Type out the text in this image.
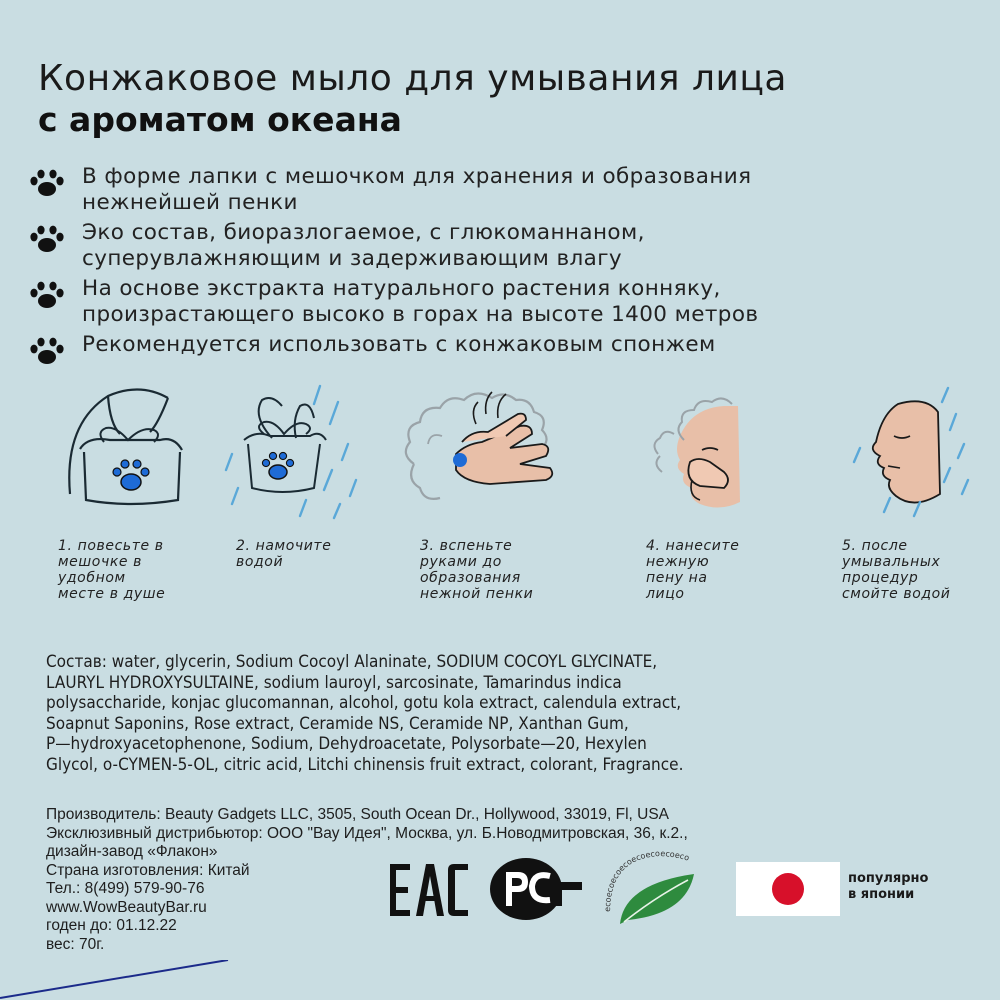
Конжаковое мыло для умывания лица
с ароматом океана
В форме лапки с мешочком для хранения и образования
нежнейшей пенки
Эко состав, биоразлогаемое, с глюкоманнаном,
суперувлажняющим и задерживающим влагу
На основе экстракта натурального растения конняку,
произрастающего высоко в горах на высоте 1400 метров
Рекомендуется использовать с конжаковым спонжем
1. повесьте в
мешочке в
удобном
месте в душе
2. намочите
водой
3. вспеньте
руками до
образования
нежной пенки
4. нанесите
нежную
пену на
лицо
5. после
умывальных
процедур
смойте водой
Состав: water, glycerin, Sodium Cocoyl Alaninate, SODIUM COCOYL GLYCINATE,
LAURYL HYDROXYSULTAINE, sodium lauroyl, sarcosinate, Tamarindus indica
polysaccharide, konjac glucomannan, alcohol, gotu kola extract, calendula extract,
Soapnut Saponins, Rose extract, Ceramide NS, Ceramide NP, Xanthan Gum,
P—hydroxyacetophenone, Sodium, Dehydroacetate, Polysorbate—20, Hexylen
Glycol, o-CYMEN-5-OL, citric acid, Litchi chinensis fruit extract, colorant, Fragrance.
Производитель: Beauty Gadgets LLC, 3505, South Ocean Dr., Hollywood, 33019, Fl, USA
Эксклюзивный дистрибьютор: ООО "Вау Идея", Москва, ул. Б.Новодмитровская, 36, к.2.,
дизайн-завод «Флакон»
Страна изготовления: Китай
Тел.: 8(499) 579-90-76
www.WowBeautyBar.ru
годен до: 01.12.22
вес: 70г.
ecoecoecoecoecoecoecoeco
популярно
в японии
